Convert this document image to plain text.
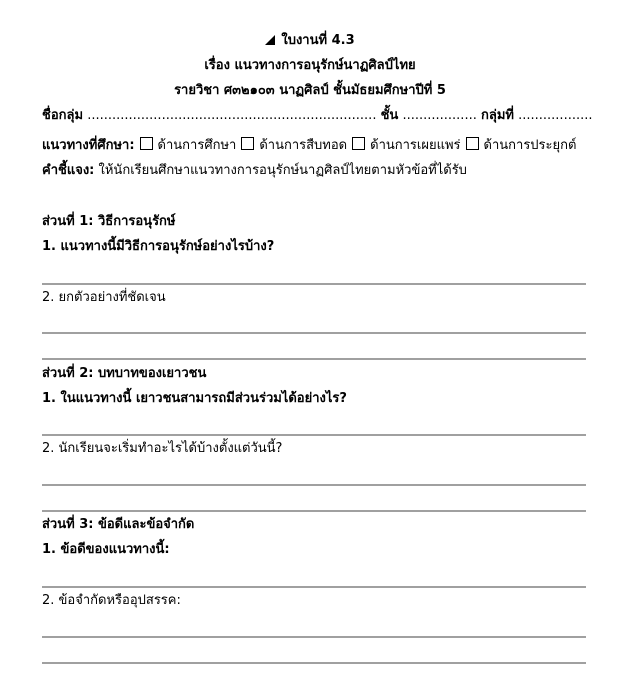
ใบงานที่ 4.3
เรื่อง แนวทางการอนุรักษ์นาฏศิลป์ไทย
รายวิชา ศ๓๒๑๐๓ นาฏศิลป์ ชั้นมัธยมศึกษาปีที่ 5
ชื่อกลุ่ม ...................................................................... ชั้น .................. กลุ่มที่ ..................
แนวทางที่ศึกษา: ด้านการศึกษา ด้านการสืบทอด ด้านการเผยแพร่ ด้านการประยุกต์
คำชี้แจง: ให้นักเรียนศึกษาแนวทางการอนุรักษ์นาฏศิลป์ไทยตามหัวข้อที่ได้รับ
ส่วนที่ 1: วิธีการอนุรักษ์
1. แนวทางนี้มีวิธีการอนุรักษ์อย่างไรบ้าง?
2. ยกตัวอย่างที่ชัดเจน
ส่วนที่ 2: บทบาทของเยาวชน
1. ในแนวทางนี้ เยาวชนสามารถมีส่วนร่วมได้อย่างไร?
2. นักเรียนจะเริ่มทำอะไรได้บ้างตั้งแต่วันนี้?
ส่วนที่ 3: ข้อดีและข้อจำกัด
1. ข้อดีของแนวทางนี้:
2. ข้อจำกัดหรืออุปสรรค:
